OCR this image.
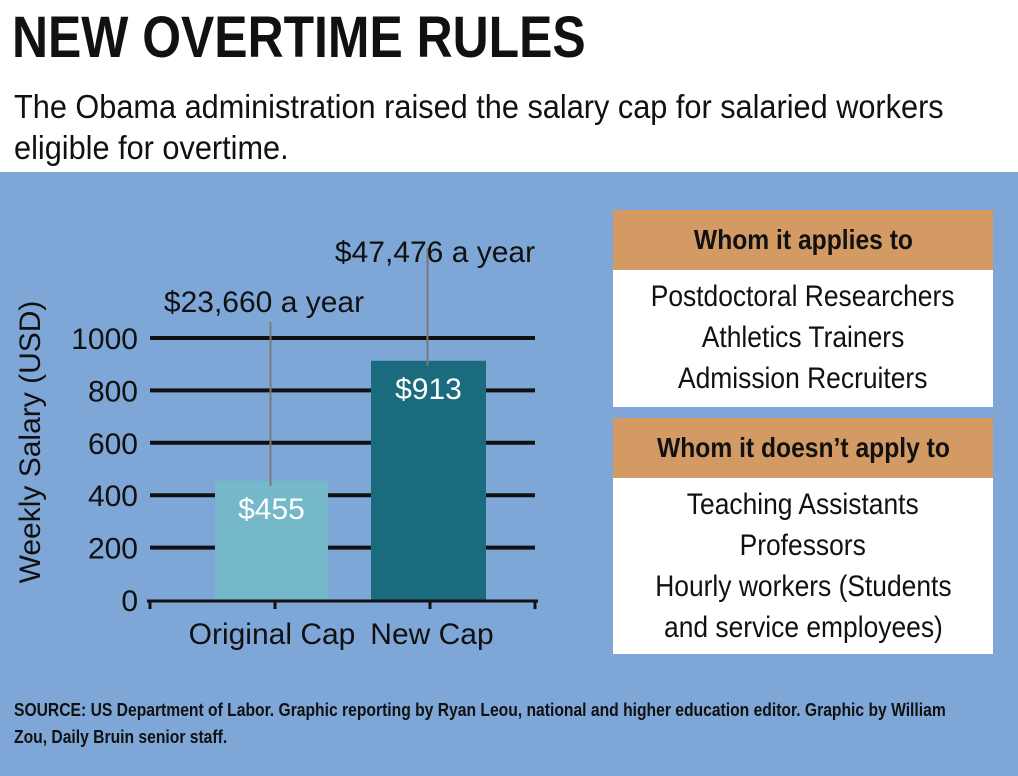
NEW OVERTIME RULES

The Obama administration raised the salary cap for salaried workers eligible for overtime.

0
200
400
600
800
1000
$455
$913
$23,660 a year
$47,476 a year
Original Cap New Cap
Weekly Salary (USD)
Whom it applies to
Postdoctoral Researchers
Athletics Trainers
Admission Recruiters
Whom it doesn’t apply to
Teaching Assistants
Professors
Hourly workers (Students
and service employees)

SOURCE: US Department of Labor. Graphic reporting by Ryan Leou, national and higher education editor. Graphic by William Zou, Daily Bruin senior staff.
